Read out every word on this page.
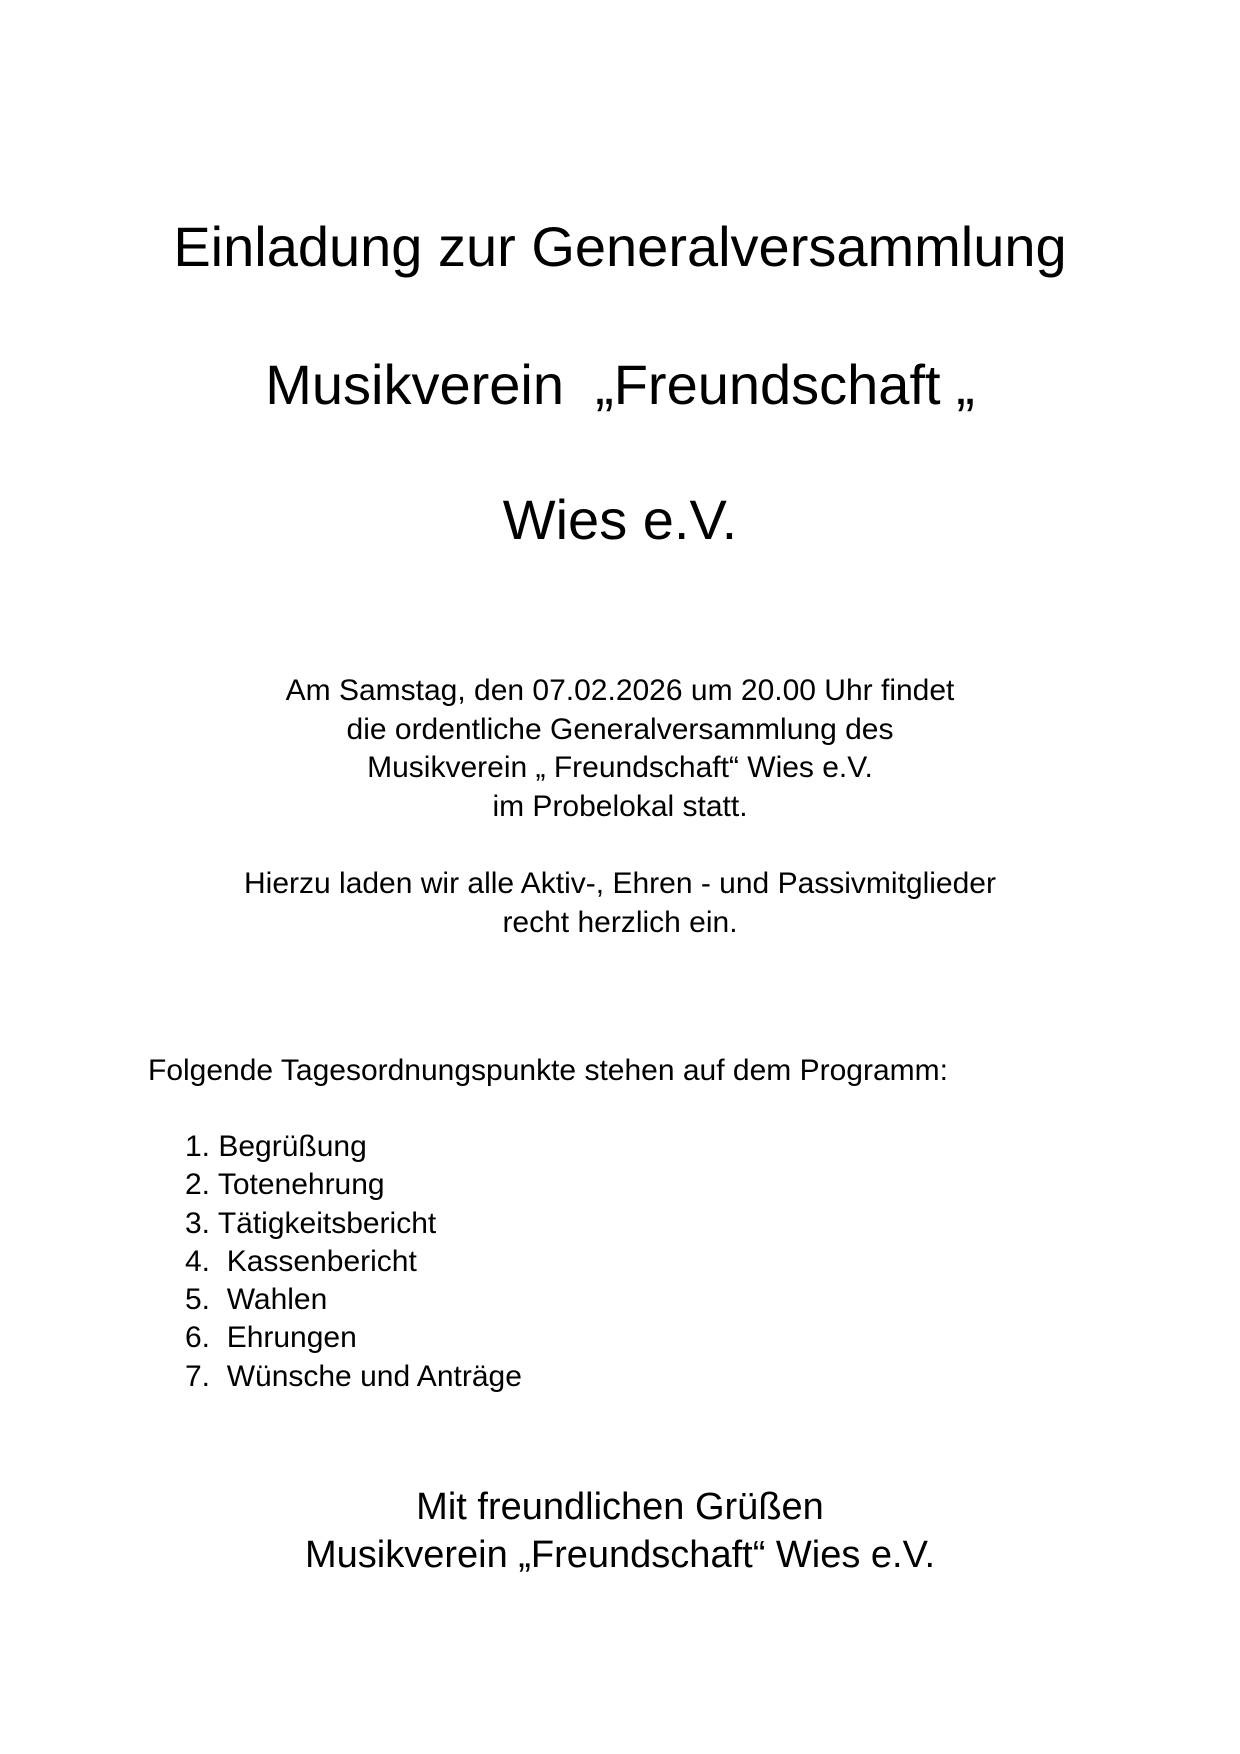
Einladung zur Generalversammlung
Musikverein  „Freundschaft „
Wies e.V.
Am Samstag, den 07.02.2026 um 20.00 Uhr findet
die ordentliche Generalversammlung des
Musikverein „ Freundschaft“ Wies e.V.
im Probelokal statt.
Hierzu laden wir alle Aktiv-, Ehren - und Passivmitglieder
recht herzlich ein.
Folgende Tagesordnungspunkte stehen auf dem Programm:
1. Begrüßung
2. Totenehrung
3. Tätigkeitsbericht
4.  Kassenbericht
5.  Wahlen
6.  Ehrungen
7.  Wünsche und Anträge
Mit freundlichen Grüßen
Musikverein „Freundschaft“ Wies e.V.
